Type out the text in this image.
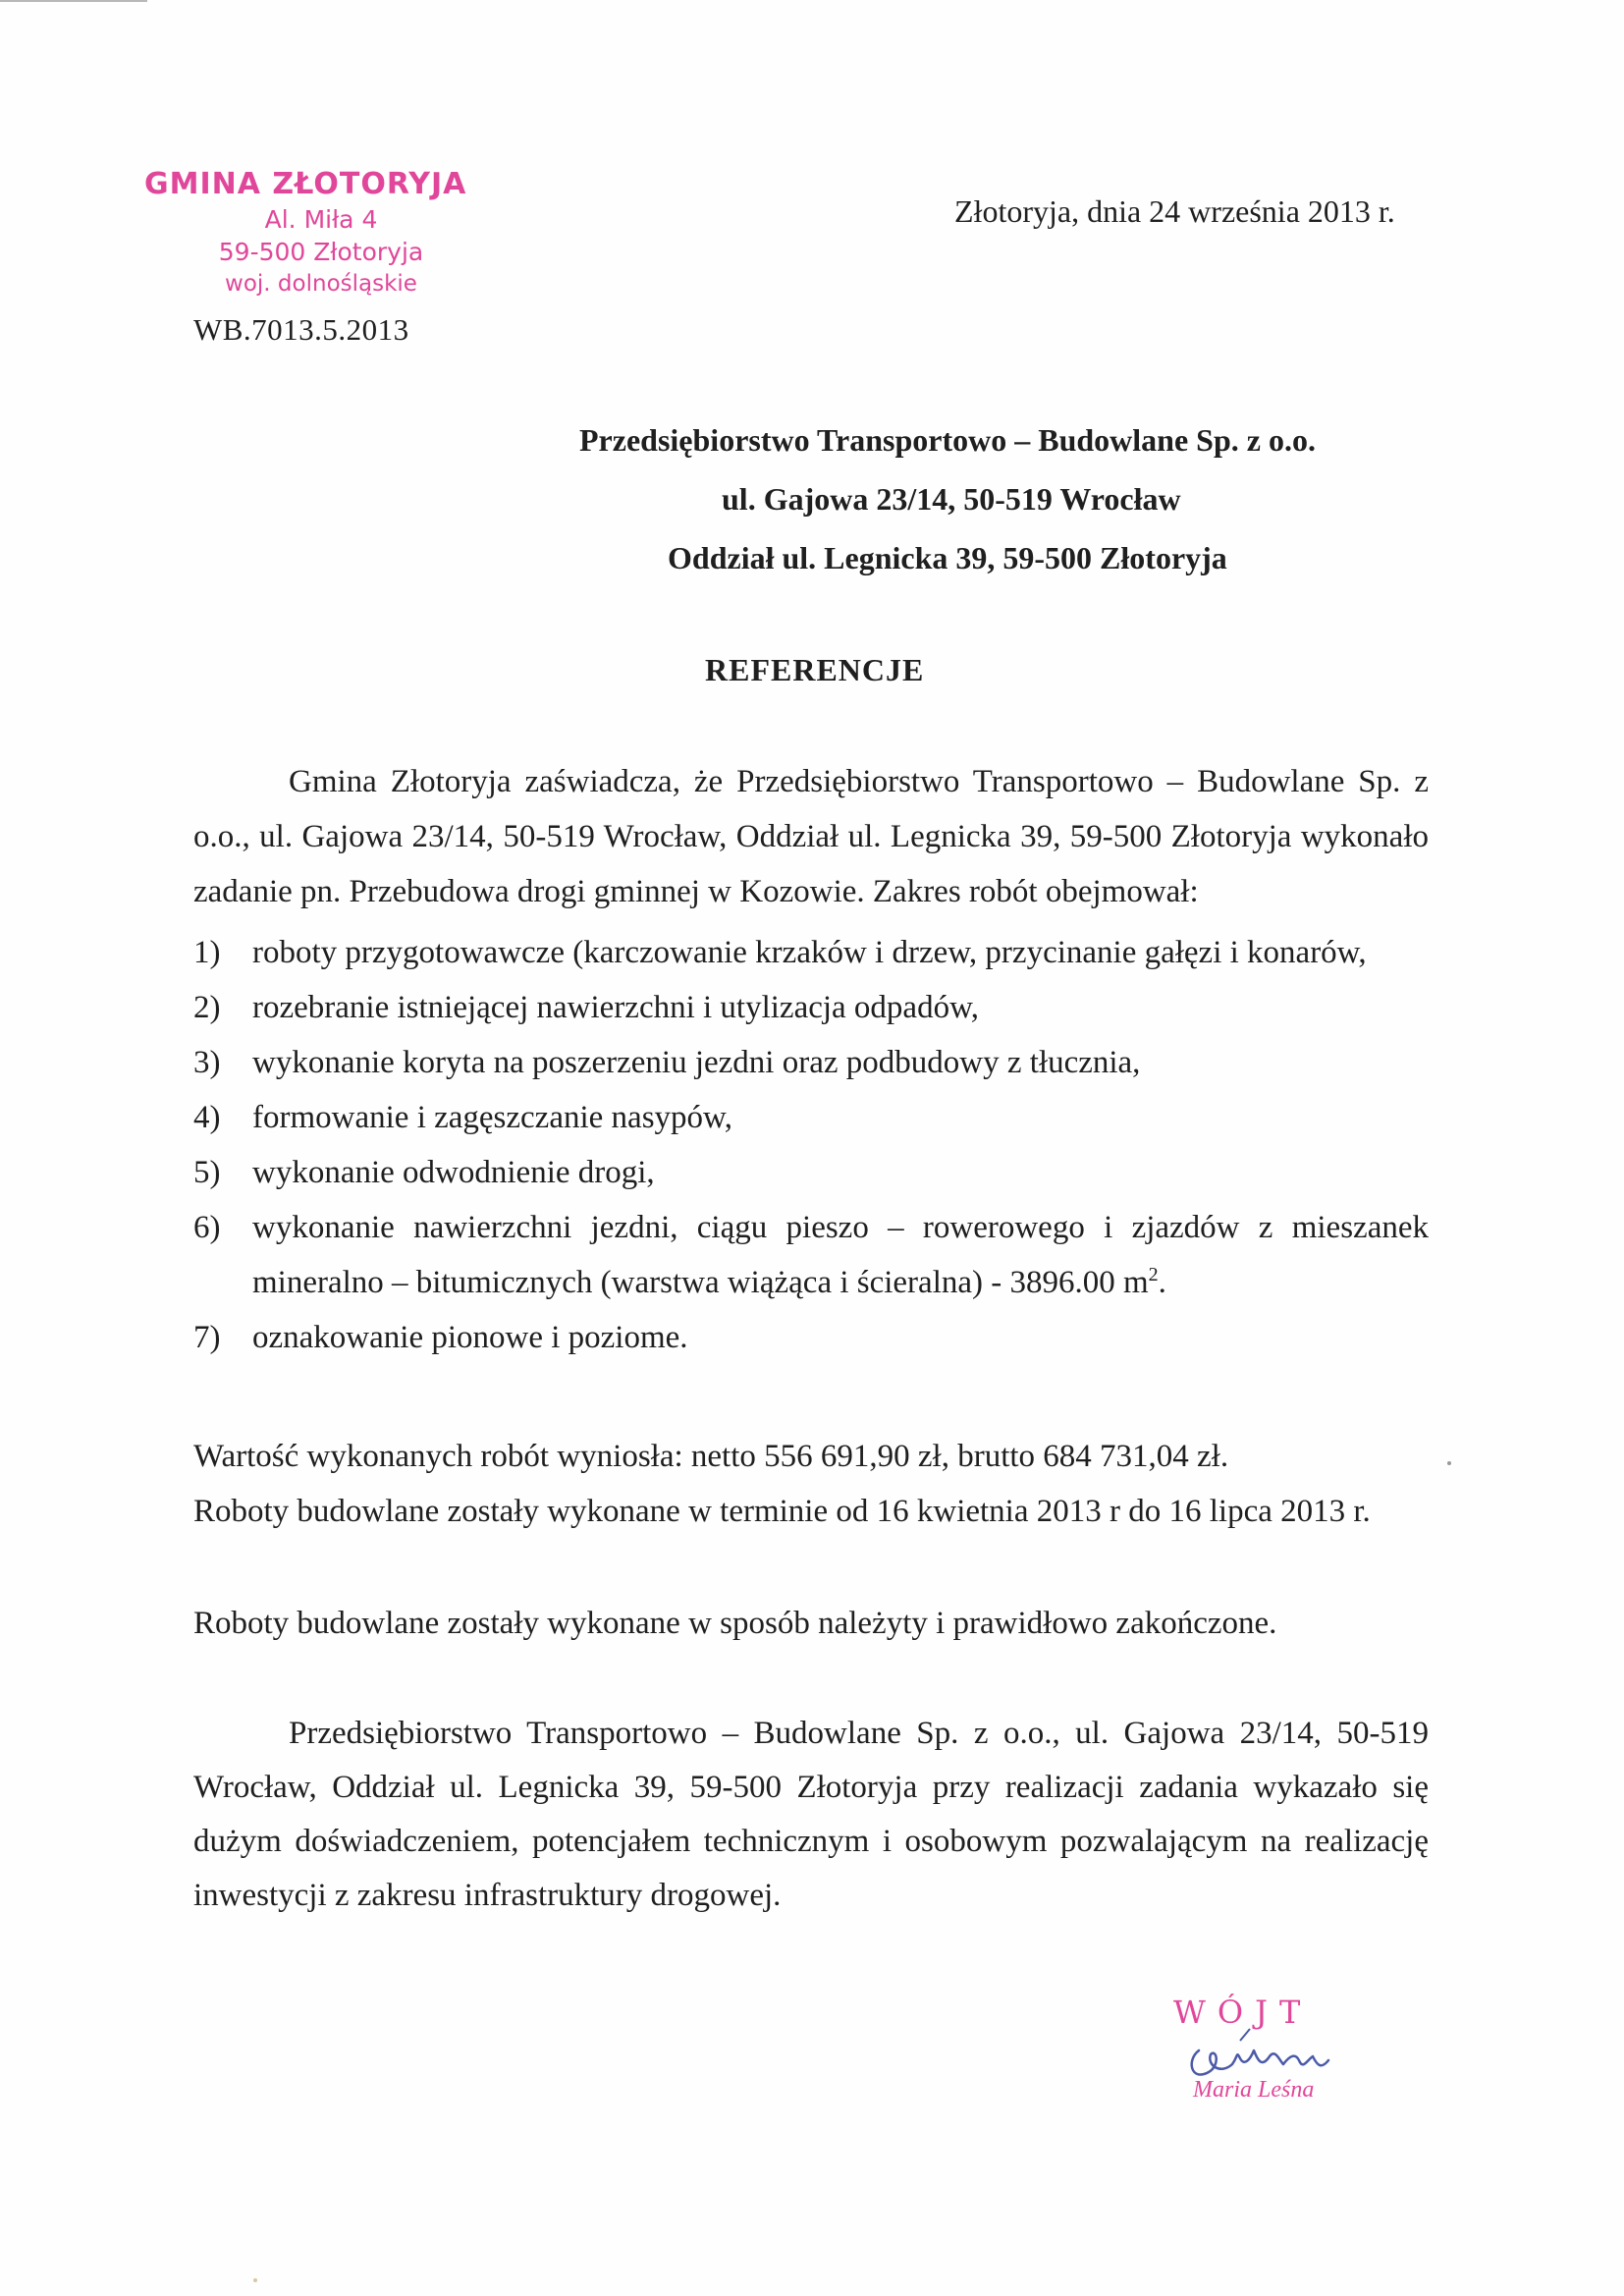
GMINA ZŁOTORYJA
Al. Miła 4
59-500 Złotoryja
woj. dolnośląskie
WB.7013.5.2013
Złotoryja, dnia 24 września 2013 r.
Przedsiębiorstwo Transportowo – Budowlane Sp. z o.o.
ul. Gajowa 23/14, 50-519 Wrocław
Oddział ul. Legnicka 39, 59-500 Złotoryja
REFERENCJE
Gmina Złotoryja zaświadcza, że Przedsiębiorstwo Transportowo – Budowlane Sp. z o.o., ul. Gajowa 23/14, 50-519 Wrocław, Oddział ul. Legnicka 39, 59-500 Złotoryja wykonało zadanie pn. Przebudowa drogi gminnej w Kozowie. Zakres robót obejmował:
1) roboty przygotowawcze (karczowanie krzaków i drzew, przycinanie gałęzi i konarów,
2) rozebranie istniejącej nawierzchni i utylizacja odpadów,
3) wykonanie koryta na poszerzeniu jezdni oraz podbudowy z tłucznia,
4) formowanie i zagęszczanie nasypów,
5) wykonanie odwodnienie drogi,
6) wykonanie nawierzchni jezdni, ciągu pieszo – rowerowego i zjazdów z mieszanek mineralno – bitumicznych (warstwa wiążąca i ścieralna) - 3896.00 $m^2$.
7) oznakowanie pionowe i poziome.
Wartość wykonanych robót wyniosła: netto 556 691,90 zł, brutto 684 731,04 zł.
Roboty budowlane zostały wykonane w terminie od 16 kwietnia 2013 r do 16 lipca 2013 r.
Roboty budowlane zostały wykonane w sposób należyty i prawidłowo zakończone.
Przedsiębiorstwo Transportowo – Budowlane Sp. z o.o., ul. Gajowa 23/14, 50-519 Wrocław, Oddział ul. Legnicka 39, 59-500 Złotoryja przy realizacji zadania wykazało się dużym doświadczeniem, potencjałem technicznym i osobowym pozwalającym na realizację inwestycji z zakresu infrastruktury drogowej.
WÓJT
Maria Leśna
